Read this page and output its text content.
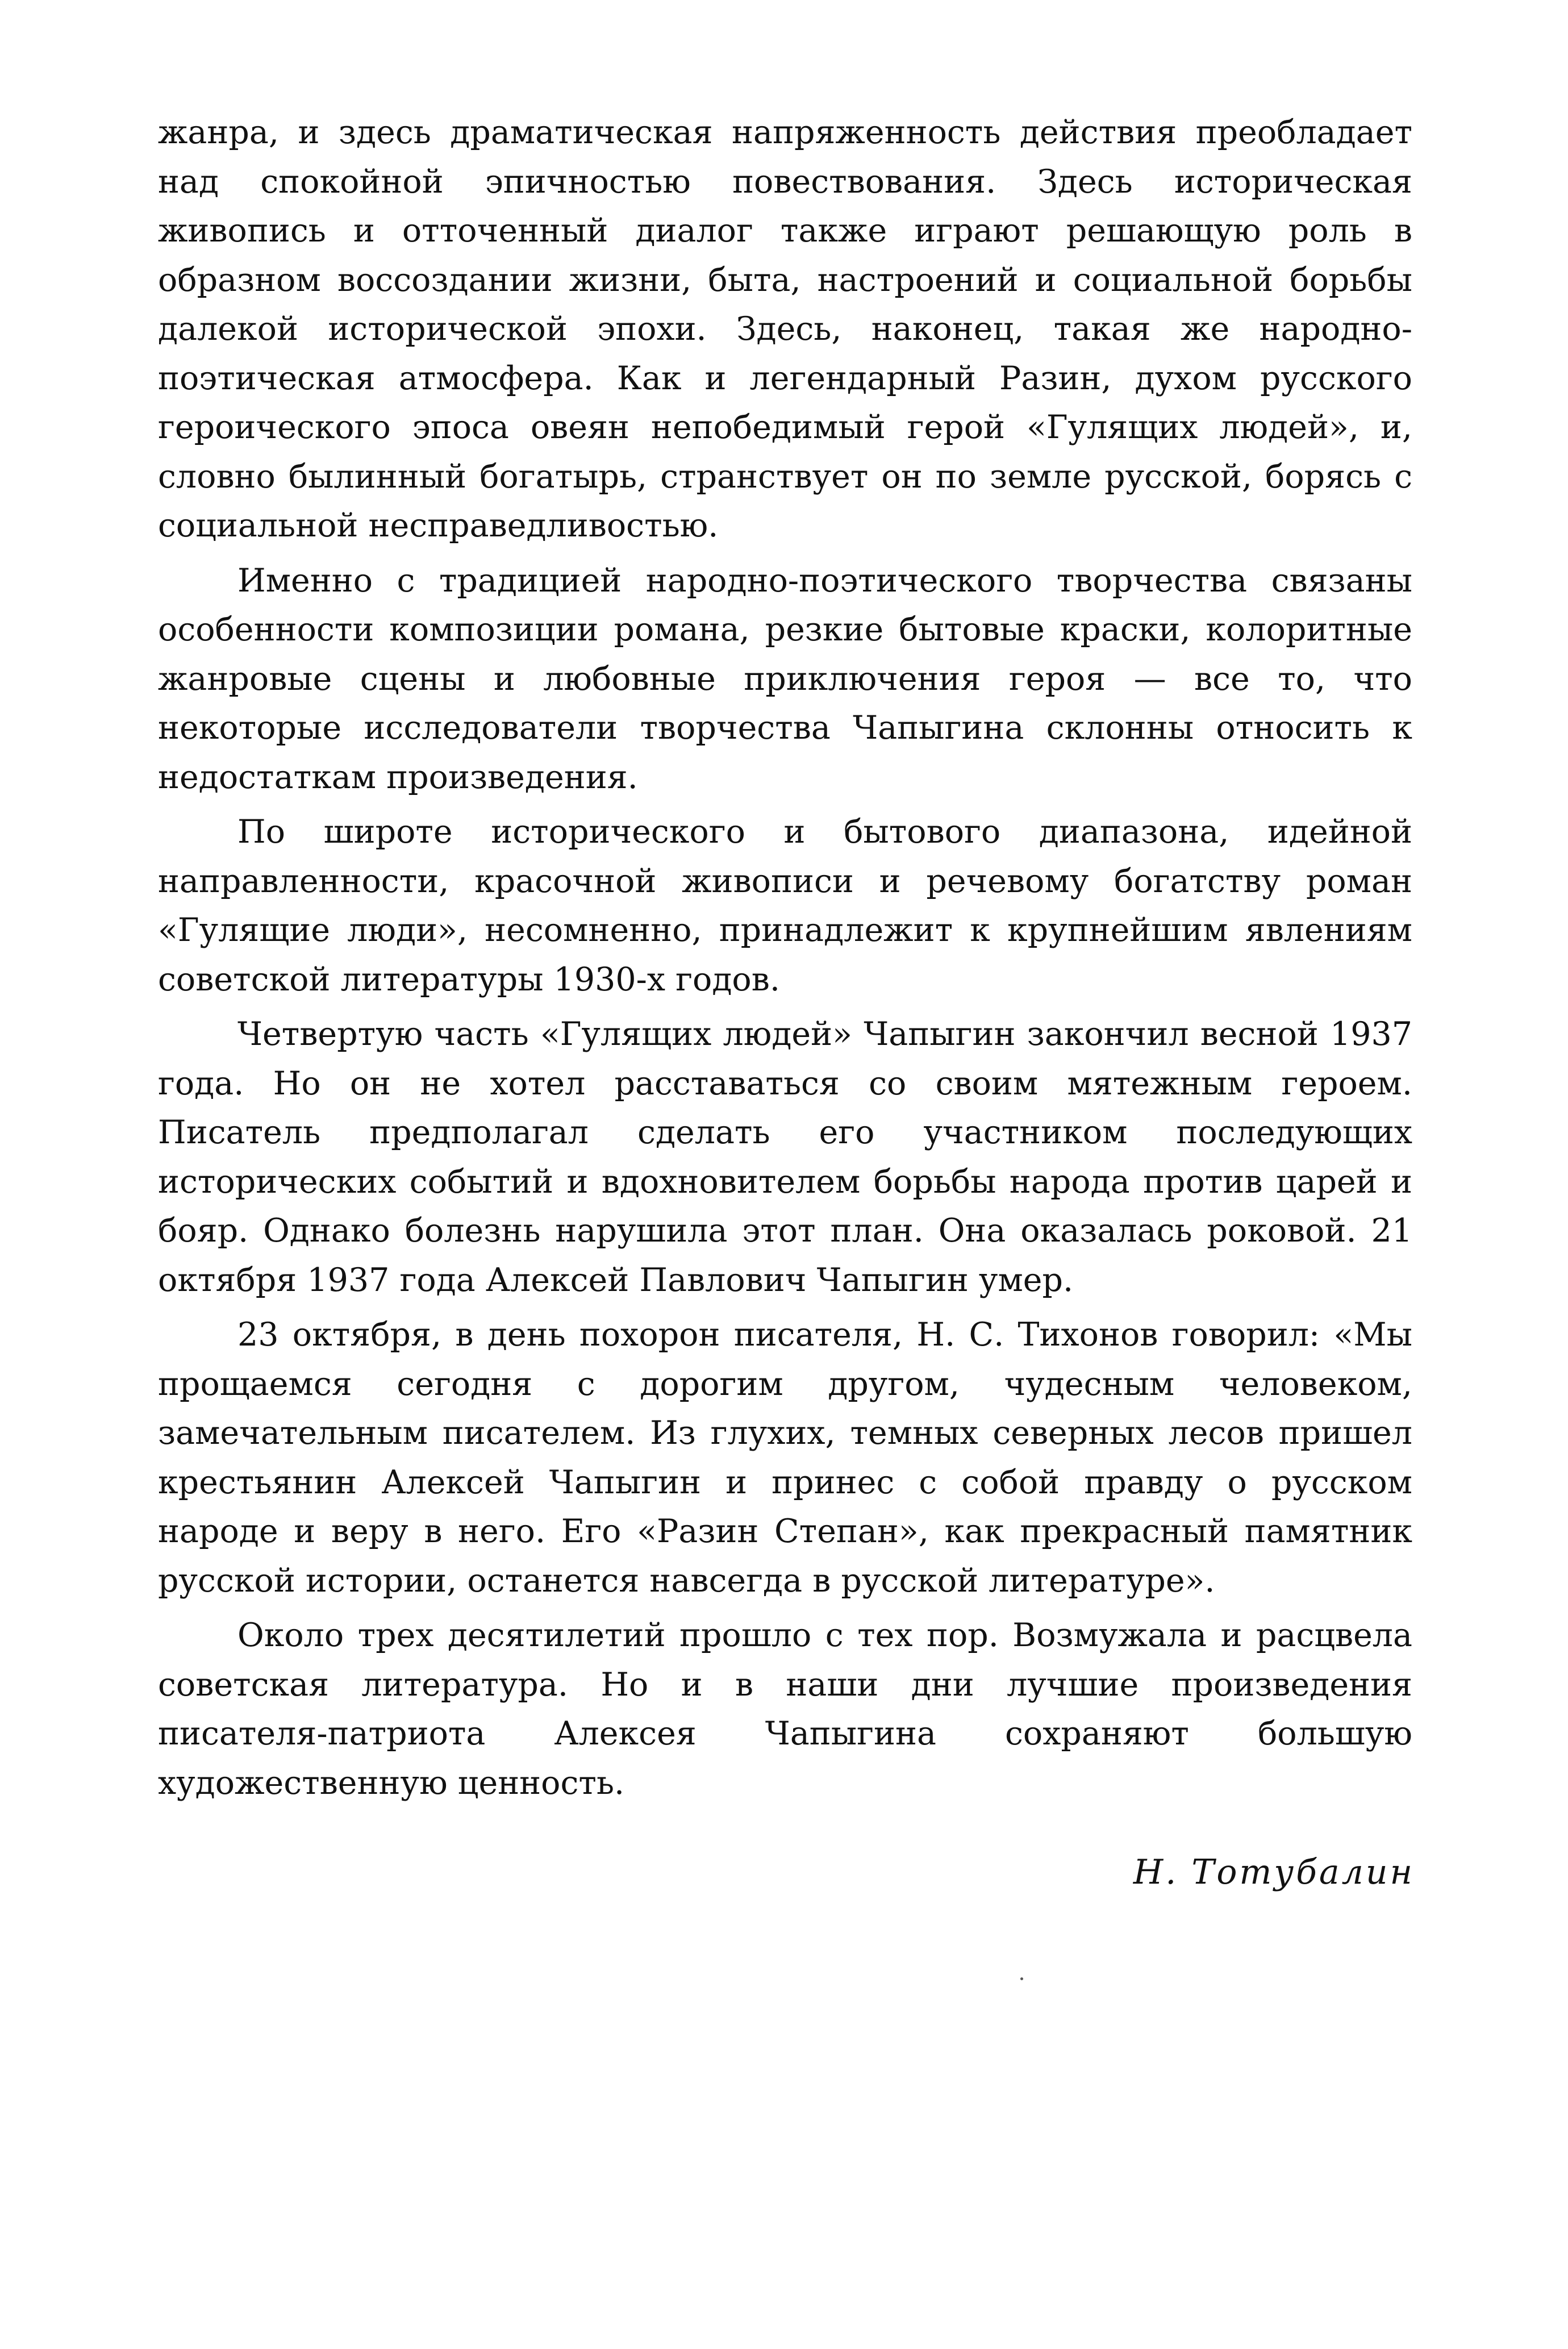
жанра, и здесь драматическая напряженность действия преобладает над спокойной эпичностью повествования. Здесь историческая живопись и отточенный диалог также играют решающую роль в образном воссоздании жизни, быта, настроений и социальной борьбы далекой исторической эпохи. Здесь, наконец, такая же народно-поэтическая атмосфера. Как и легендарный Разин, духом русского героического эпоса овеян непобедимый герой «Гулящих людей», и, словно былинный богатырь, странствует он по земле русской, борясь с социальной несправедливостью.

Именно с традицией народно-поэтического творчества связаны особенности композиции романа, резкие бытовые краски, колоритные жанровые сцены и любовные приключения героя — все то, что некоторые исследователи творчества Чапыгина склонны относить к недостаткам произведения.

По широте исторического и бытового диапазона, идейной направленности, красочной живописи и речевому богатству роман «Гулящие люди», несомненно, принадлежит к крупнейшим явлениям советской литературы 1930-х годов.

Четвертую часть «Гулящих людей» Чапыгин закончил весной 1937 года. Но он не хотел расставаться со своим мятежным героем. Писатель предполагал сделать его участником последующих исторических событий и вдохновителем борьбы народа против царей и бояр. Однако болезнь нарушила этот план. Она оказалась роковой. 21 октября 1937 года Алексей Павлович Чапыгин умер.

23 октября, в день похорон писателя, Н. С. Тихонов говорил: «Мы прощаемся сегодня с дорогим другом, чудесным человеком, замечательным писателем. Из глухих, темных северных лесов пришел крестьянин Алексей Чапыгин и принес с собой правду о русском народе и веру в него. Его «Разин Степан», как прекрасный памятник русской истории, останется навсегда в русской литературе».

Около трех десятилетий прошло с тех пор. Возмужала и расцвела советская литература. Но и в наши дни лучшие произведения писателя-патриота Алексея Чапыгина сохраняют большую художественную ценность.

Н. Тотубалин
